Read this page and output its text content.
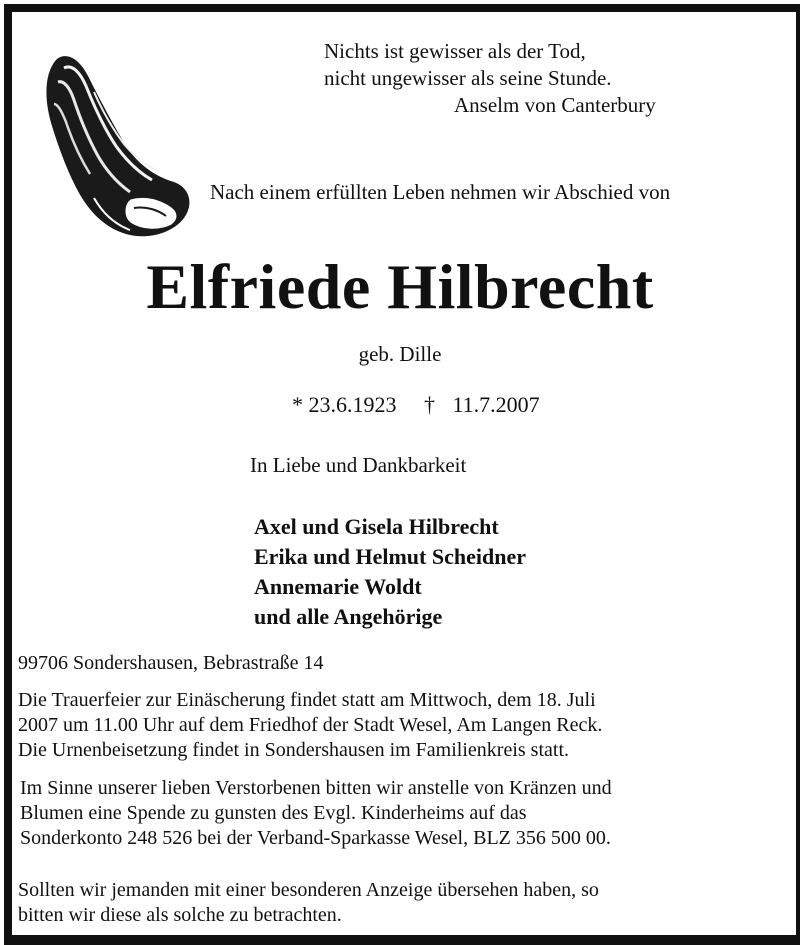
Nichts ist gewisser als der Tod,
nicht ungewisser als seine Stunde.
Anselm von Canterbury
Nach einem erfüllten Leben nehmen wir Abschied von
Elfriede Hilbrecht
geb. Dille
* 23.6.1923 † 11.7.2007
In Liebe und Dankbarkeit
Axel und Gisela Hilbrecht
Erika und Helmut Scheidner
Annemarie Woldt
und alle Angehörige
99706 Sondershausen, Bebrastraße 14
Die Trauerfeier zur Einäscherung findet statt am Mittwoch, dem 18. Juli
2007 um 11.00 Uhr auf dem Friedhof der Stadt Wesel, Am Langen Reck.
Die Urnenbeisetzung findet in Sondershausen im Familienkreis statt.
Im Sinne unserer lieben Verstorbenen bitten wir anstelle von Kränzen und
Blumen eine Spende zu gunsten des Evgl. Kinderheims auf das
Sonderkonto 248 526 bei der Verband-Sparkasse Wesel, BLZ 356 500 00.
Sollten wir jemanden mit einer besonderen Anzeige übersehen haben, so
bitten wir diese als solche zu betrachten.
